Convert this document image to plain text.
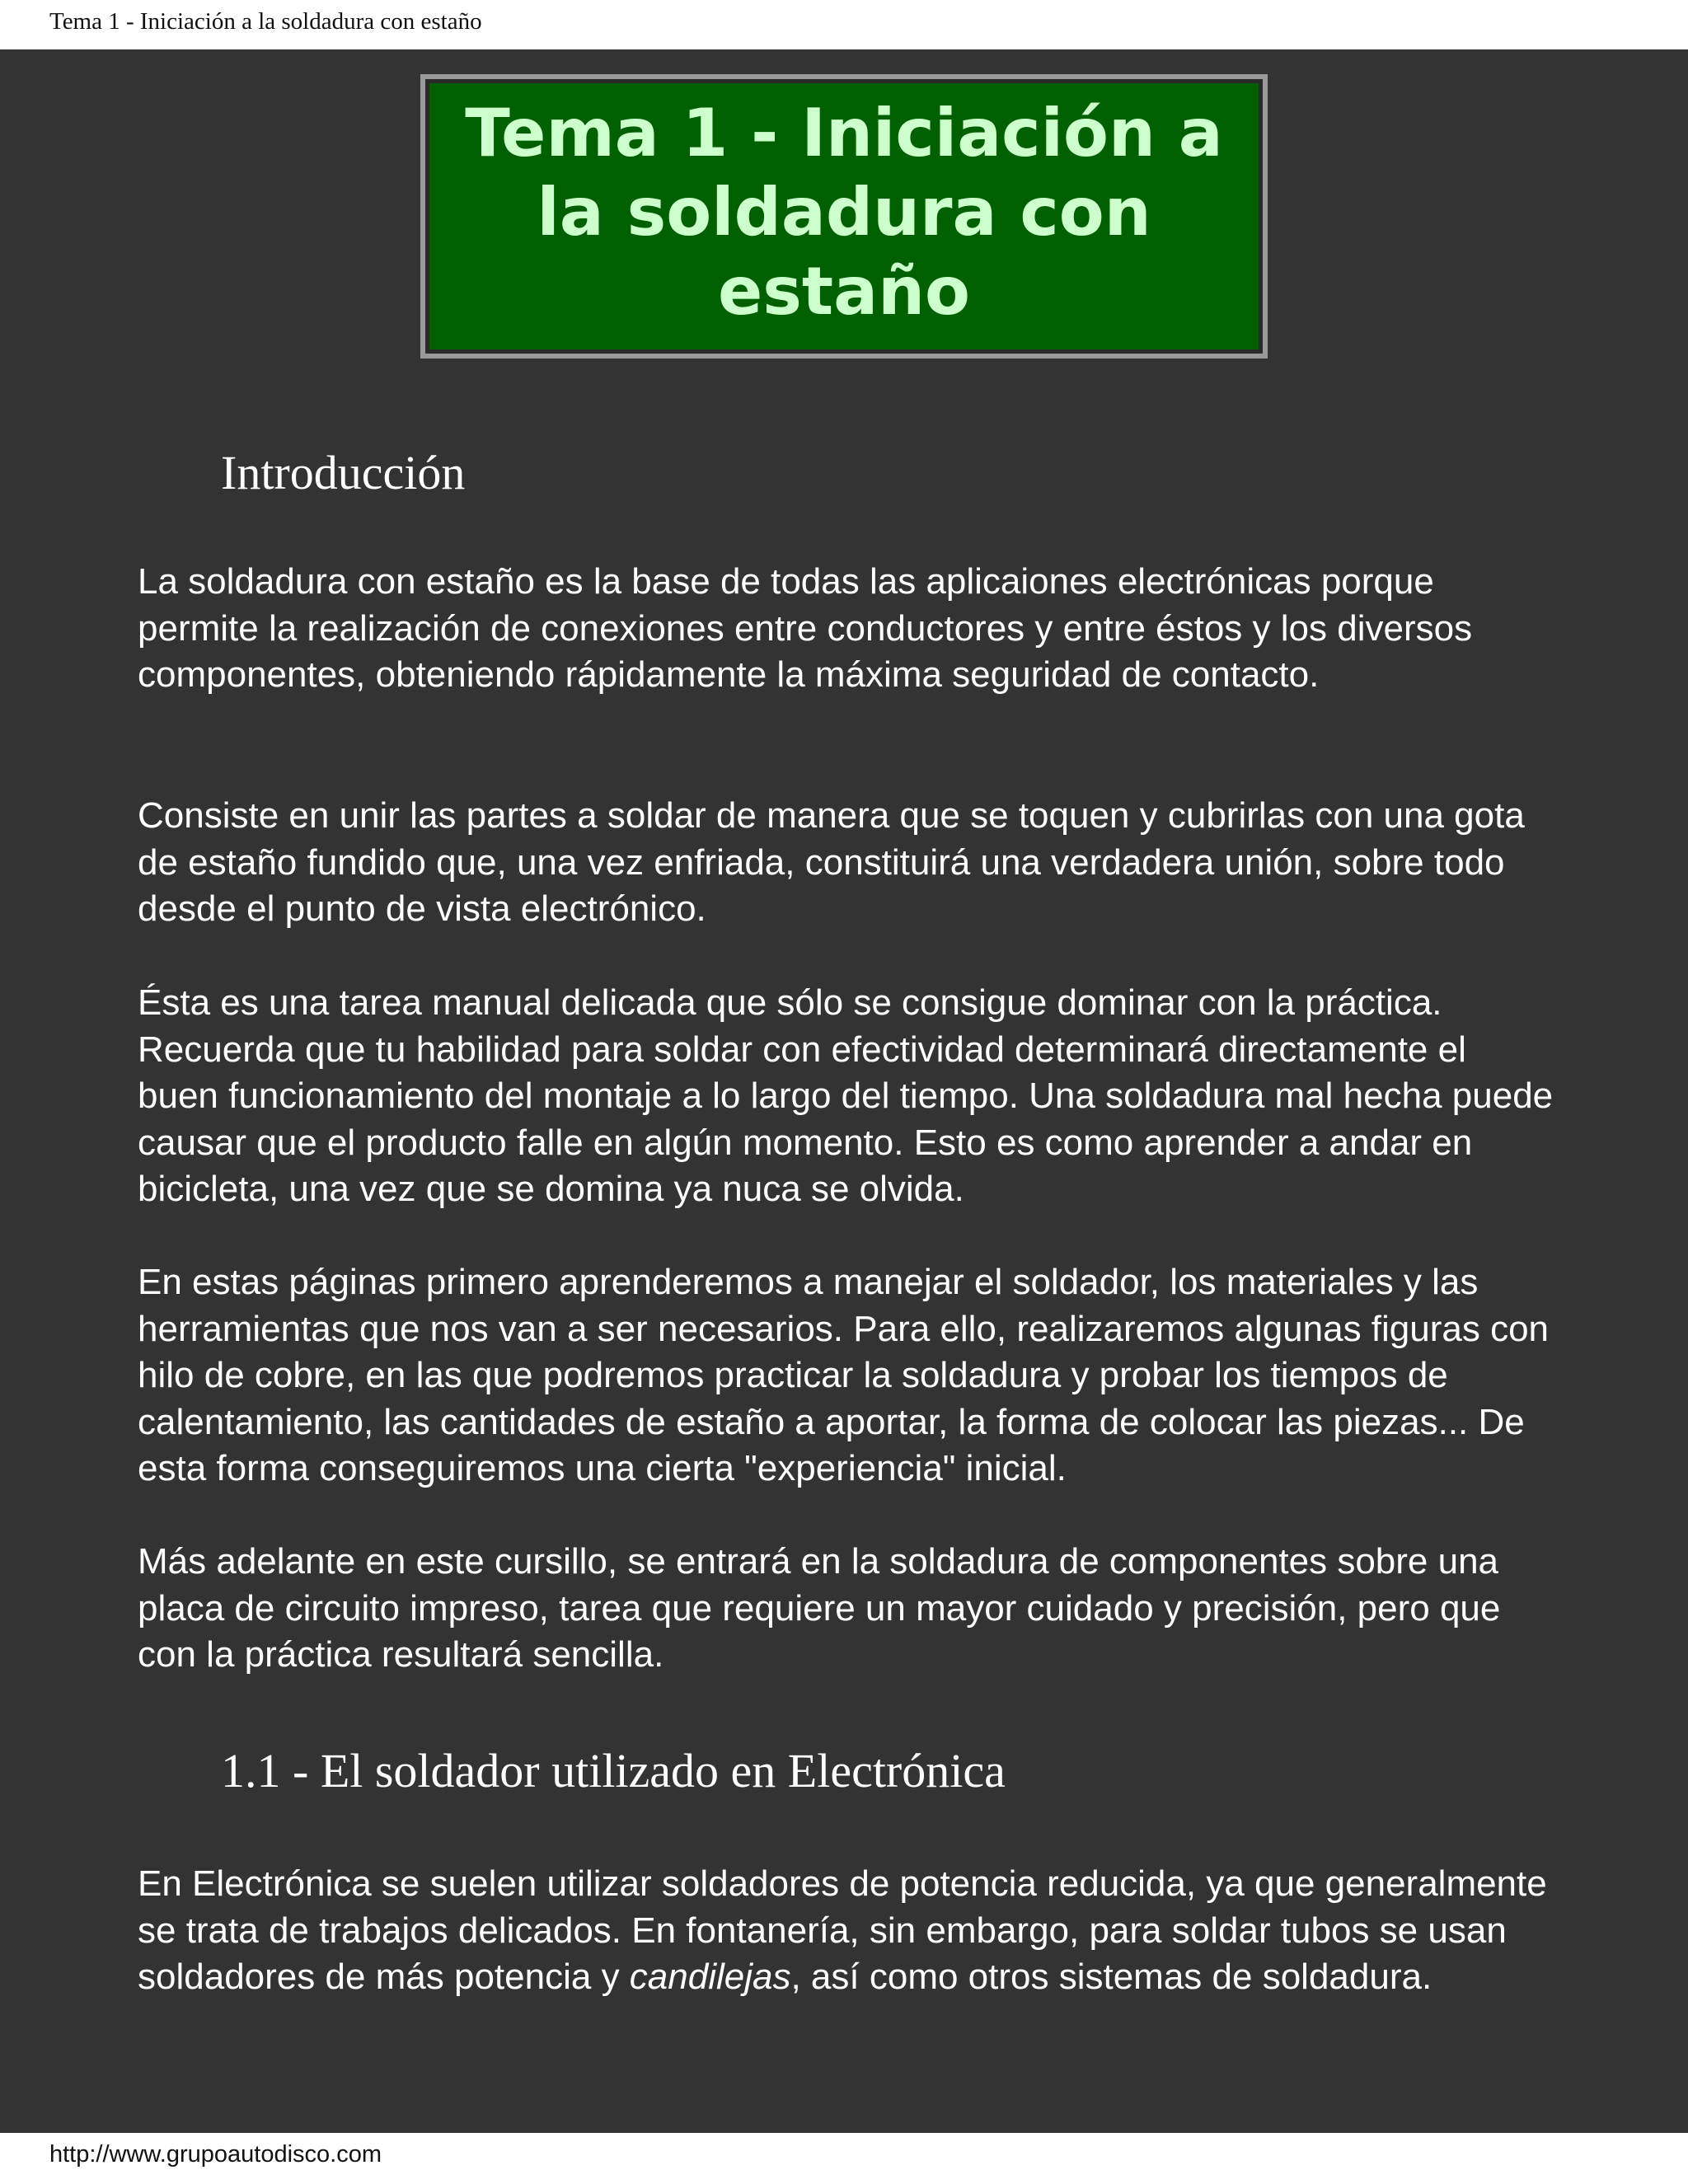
Tema 1 - Iniciación a la soldadura con estaño
Tema 1 - Iniciación a la soldadura con estaño
Introducción

La soldadura con estaño es la base de todas las aplicaiones electrónicas porque permite la realización de conexiones entre conductores y entre éstos y los diversos componentes, obteniendo rápidamente la máxima seguridad de contacto.

Consiste en unir las partes a soldar de manera que se toquen y cubrirlas con una gota de estaño fundido que, una vez enfriada, constituirá una verdadera unión, sobre todo desde el punto de vista electrónico.

Ésta es una tarea manual delicada que sólo se consigue dominar con la práctica. Recuerda que tu habilidad para soldar con efectividad determinará directamente el buen funcionamiento del montaje a lo largo del tiempo. Una soldadura mal hecha puede causar que el producto falle en algún momento. Esto es como aprender a andar en bicicleta, una vez que se domina ya nuca se olvida.

En estas páginas primero aprenderemos a manejar el soldador, los materiales y las herramientas que nos van a ser necesarios. Para ello, realizaremos algunas figuras con hilo de cobre, en las que podremos practicar la soldadura y probar los tiempos de calentamiento, las cantidades de estaño a aportar, la forma de colocar las piezas... De esta forma conseguiremos una cierta "experiencia" inicial.

Más adelante en este cursillo, se entrará en la soldadura de componentes sobre una placa de circuito impreso, tarea que requiere un mayor cuidado y precisión, pero que con la práctica resultará sencilla.

1.1 - El soldador utilizado en Electrónica

En Electrónica se suelen utilizar soldadores de potencia reducida, ya que generalmente se trata de trabajos delicados. En fontanería, sin embargo, para soldar tubos se usan soldadores de más potencia y candilejas, así como otros sistemas de soldadura.

http://www.grupoautodisco.com
